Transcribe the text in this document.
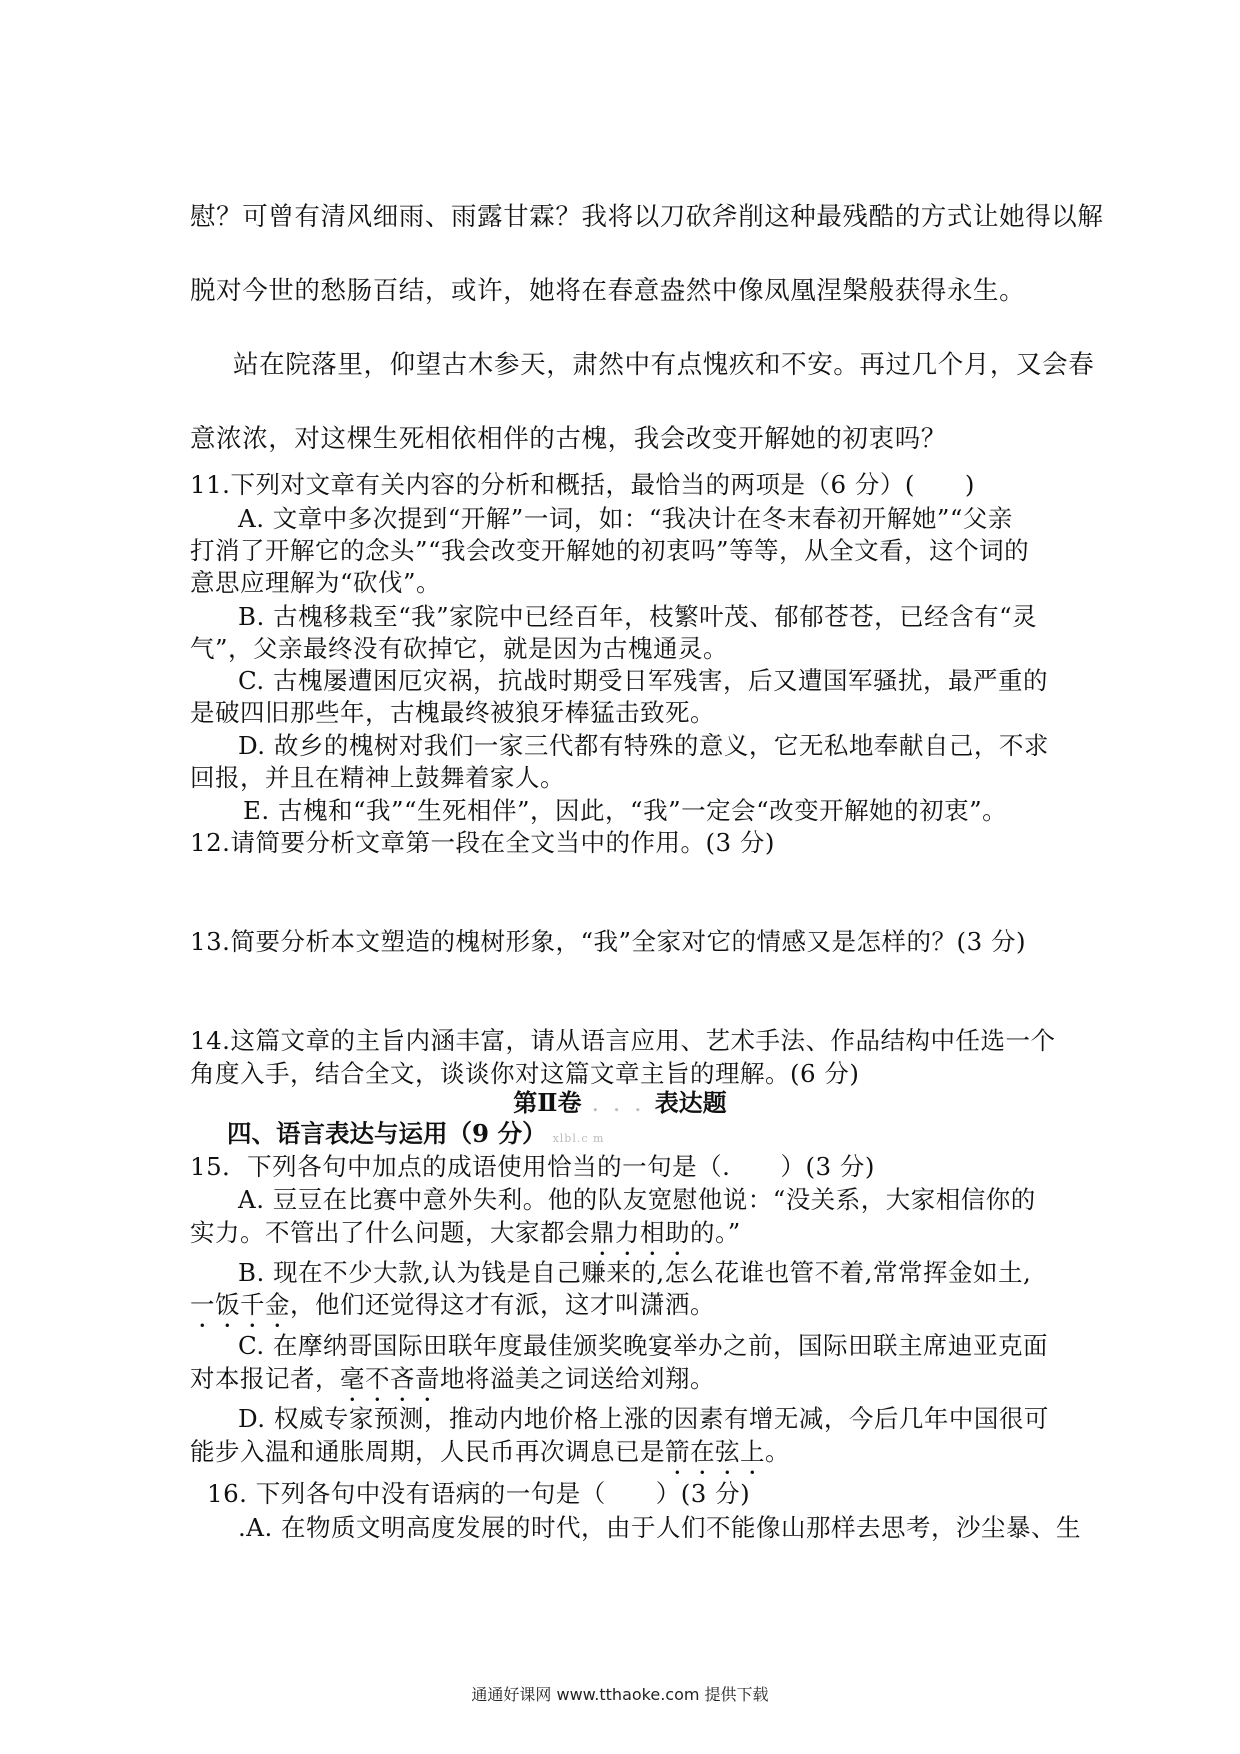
慰？可曾有清风细雨、雨露甘霖？我将以刀砍斧削这种最残酷的方式让她得以解
脱对今世的愁肠百结，或许，她将在春意盎然中像凤凰涅槃般获得永生。
站在院落里，仰望古木参天，肃然中有点愧疚和不安。再过几个月，又会春
意浓浓，对这棵生死相依相伴的古槐，我会改变开解她的初衷吗？
11.下列对文章有关内容的分析和概括，最恰当的两项是（6 分）(　　)
A. 文章中多次提到“开解”一词，如：“我决计在冬末春初开解她”“父亲
打消了开解它的念头”“我会改变开解她的初衷吗”等等，从全文看，这个词的
意思应理解为“砍伐”。
B. 古槐移栽至“我”家院中已经百年，枝繁叶茂、郁郁苍苍，已经含有“灵
气”，父亲最终没有砍掉它，就是因为古槐通灵。
C. 古槐屡遭困厄灾祸，抗战时期受日军残害，后又遭国军骚扰，最严重的
是破四旧那些年，古槐最终被狼牙棒猛击致死。
D. 故乡的槐树对我们一家三代都有特殊的意义，它无私地奉献自己，不求
回报，并且在精神上鼓舞着家人。
E. 古槐和“我”“生死相伴”，因此，“我”一定会“改变开解她的初衷”。
12.请简要分析文章第一段在全文当中的作用。(3 分)
13.简要分析本文塑造的槐树形象，“我”全家对它的情感又是怎样的？(3 分)
14.这篇文章的主旨内涵丰富，请从语言应用、艺术手法、作品结构中任选一个
角度入手，结合全文，谈谈你对这篇文章主旨的理解。(6 分)
第Ⅱ卷 . . . 表达题
四、语言表达与运用（9 分） xlbl.c m
15．下列各句中加点的成语使用恰当的一句是（.　　）(3 分)
A. 豆豆在比赛中意外失利。他的队友宽慰他说：“没关系，大家相信你的
实力。不管出了什么问题，大家都会鼎力相助的。”
B. 现在不少大款,认为钱是自己赚来的,怎么花谁也管不着,常常挥金如土,
一饭千金，他们还觉得这才有派，这才叫潇洒。
C. 在摩纳哥国际田联年度最佳颁奖晚宴举办之前，国际田联主席迪亚克面
对本报记者，毫不吝啬地将溢美之词送给刘翔。
D. 权威专家预测，推动内地价格上涨的因素有增无减，今后几年中国很可
能步入温和通胀周期，人民币再次调息已是箭在弦上。
16. 下列各句中没有语病的一句是（　　）(3 分)
.A. 在物质文明高度发展的时代，由于人们不能像山那样去思考，沙尘暴、生
通通好课网 www.tthaoke.com 提供下载
